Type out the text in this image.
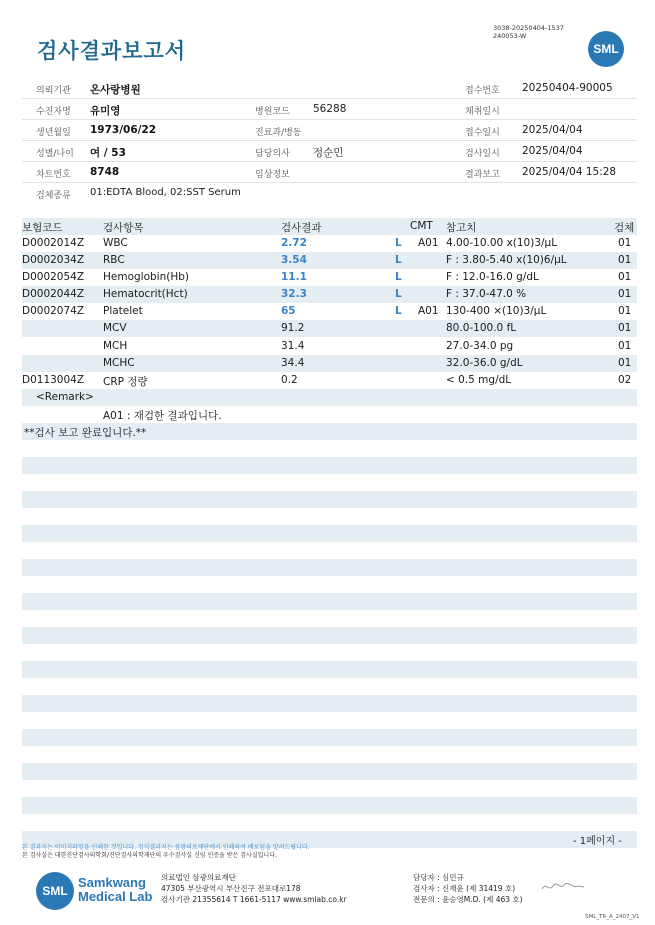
검사결과보고서
3038-20250404-1537
240053-W
SML
의뢰기관 온사랑병원	접수번호 20250404-90005
수진자명 유미영	병원코드 56288	채취일시
생년월일 1973/06/22	진료과/병동	접수일시 2025/04/04
성별/나이 여 / 53	담당의사 정순민	검사일시 2025/04/04
차트번호 8748	임상정보	결과보고 2025/04/04 15:28
검체종류 01:EDTA Blood, 02:SST Serum
보험코드	검사항목	검사결과	CMT 참고치	검체
D0002014Z WBC	2.72	L A01 4.00-10.00 x(10)3/μL	01
D0002034Z RBC	3.54	L	F : 3.80-5.40 x(10)6/μL	01
D0002054Z Hemoglobin(Hb)	11.1	L	F : 12.0-16.0 g/dL	01
D0002044Z Hematocrit(Hct)	32.3	L	F : 37.0-47.0 %	01
D0002074Z Platelet	65	L A01 130-400 ×(10)3/μL	01
MCV	91.2	80.0-100.0 fL	01
MCH	31.4	27.0-34.0 pg	01
MCHC	34.4	32.0-36.0 g/dL	01
D0113004Z CRP 정량	0.2	< 0.5 mg/dL	02
<Remark>
A01 : 재검한 결과입니다.
**검사 보고 완료입니다.**
- 1페이지 -
본 결과지는 이미지파일을 인쇄한 것입니다. 정식결과지는 삼광의료재단에서 인쇄하여 배포됨을 알려드립니다.
본 검사실은 대한진단검사의학회/진단검사의학재단의 우수검사실 신임 인증을 받은 검사실입니다.
SML
Samkwang
Medical Lab
의료법인 삼광의료재단
47305 부산광역시 부산진구 전포대로178
검사기관 21355614 T 1661-5117 www.smlab.co.kr
담당자 : 심민규
검사자 : 신재윤 (제 31419 호)
전문의 : 윤승영M.D. (제 463 호)
SML_TR_A_2407_V1
